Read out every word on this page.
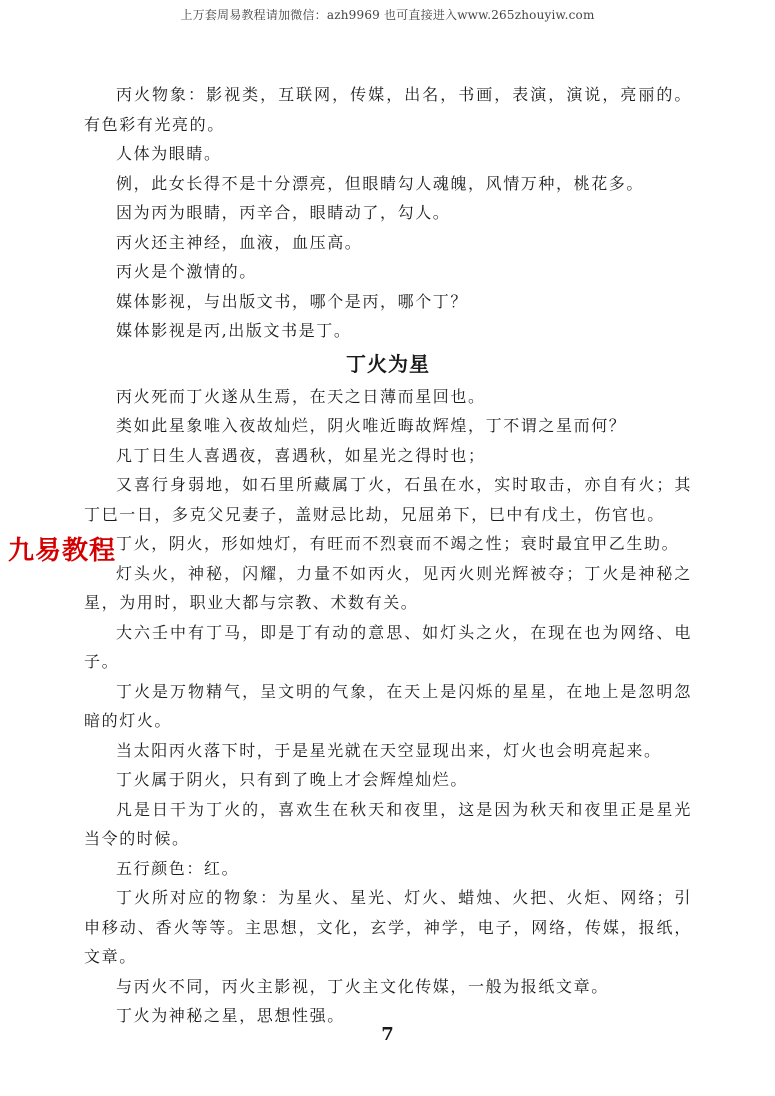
上万套周易教程请加微信：azh9969 也可直接进入www.265zhouyiw.com

丙火物象：影视类，互联网，传媒，出名，书画，表演，演说，亮丽的。有色彩有光亮的。

人体为眼睛。

例，此女长得不是十分漂亮，但眼睛勾人魂魄，风情万种，桃花多。

因为丙为眼睛，丙辛合，眼睛动了，勾人。

丙火还主神经，血液，血压高。

丙火是个激情的。

媒体影视，与出版文书，哪个是丙，哪个丁？

媒体影视是丙,出版文书是丁。

丁火为星

丙火死而丁火遂从生焉，在天之日薄而星回也。

类如此星象唯入夜故灿烂，阴火唯近晦故辉煌，丁不谓之星而何？

凡丁日生人喜遇夜，喜遇秋，如星光之得时也；

又喜行身弱地，如石里所藏属丁火，石虽在水，实时取击，亦自有火；其丁巳一日，多克父兄妻子，盖财忌比劫，兄屈弟下，巳中有戊土，伤官也。

丁火，阴火，形如烛灯，有旺而不烈衰而不竭之性；衰时最宜甲乙生助。

灯头火，神秘，闪耀，力量不如丙火，见丙火则光辉被夺；丁火是神秘之星，为用时，职业大都与宗教、术数有关。

大六壬中有丁马，即是丁有动的意思、如灯头之火，在现在也为网络、电子。

丁火是万物精气，呈文明的气象，在天上是闪烁的星星，在地上是忽明忽暗的灯火。

当太阳丙火落下时，于是星光就在天空显现出来，灯火也会明亮起来。

丁火属于阴火，只有到了晚上才会辉煌灿烂。

凡是日干为丁火的，喜欢生在秋天和夜里，这是因为秋天和夜里正是星光当令的时候。

五行颜色：红。

丁火所对应的物象：为星火、星光、灯火、蜡烛、火把、火炬、网络；引申移动、香火等等。主思想，文化，玄学，神学，电子，网络，传媒，报纸，文章。

与丙火不同，丙火主影视，丁火主文化传媒，一般为报纸文章。

丁火为神秘之星，思想性强。

九易教程
7
